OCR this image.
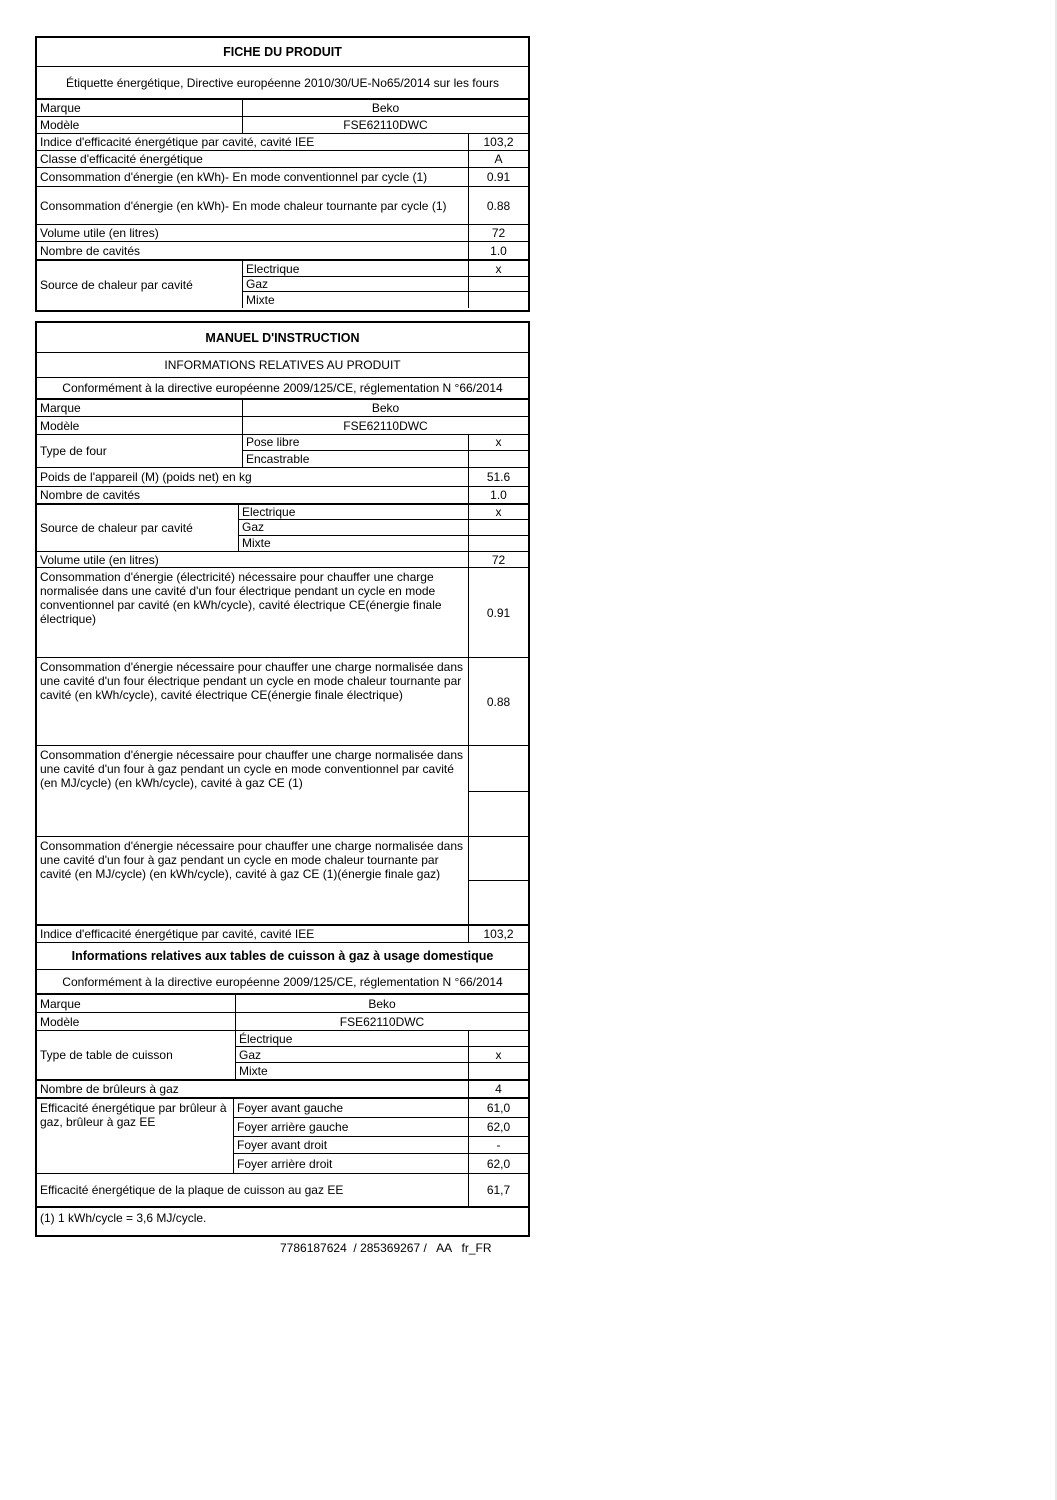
FICHE DU PRODUIT
Étiquette énergétique, Directive européenne 2010/30/UE-No65/2014 sur les fours
Marque	Beko
Modèle	FSE62110DWC
Indice d'efficacité énergétique par cavité, cavité IEE	103,2
Classe d'efficacité énergétique	A
Consommation d'énergie (en kWh)- En mode conventionnel par cycle (1)	0.91
Consommation d'énergie (en kWh)- En mode chaleur tournante par cycle (1)	0.88
Volume utile (en litres)	72
Nombre de cavités	1.0
Source de chaleur par cavité
Electrique	x
Gaz
Mixte
MANUEL D'INSTRUCTION
INFORMATIONS RELATIVES AU PRODUIT
Conformément à la directive européenne 2009/125/CE, réglementation N °66/2014
Marque	Beko
Modèle	FSE62110DWC
Type de four
Pose libre	x
Encastrable
Poids de l'appareil (M) (poids net) en kg	51.6
Nombre de cavités	1.0
Source de chaleur par cavité
Electrique	x
Gaz
Mixte
Volume utile (en litres)	72
Consommation d'énergie (électricité) nécessaire pour chauffer une charge normalisée dans une cavité d'un four électrique pendant un cycle en mode conventionnel par cavité (en kWh/cycle), cavité électrique CE(énergie finale électrique)	0.91
Consommation d'énergie nécessaire pour chauffer une charge normalisée dans une cavité d'un four électrique pendant un cycle en mode chaleur tournante par cavité (en kWh/cycle), cavité électrique CE(énergie finale électrique)	0.88
Consommation d'énergie nécessaire pour chauffer une charge normalisée dans une cavité d'un four à gaz pendant un cycle en mode conventionnel par cavité (en MJ/cycle) (en kWh/cycle), cavité à gaz CE (1)
Consommation d'énergie nécessaire pour chauffer une charge normalisée dans une cavité d'un four à gaz pendant un cycle en mode chaleur tournante par cavité (en MJ/cycle) (en kWh/cycle), cavité à gaz CE (1)(énergie finale gaz)
Indice d'efficacité énergétique par cavité, cavité IEE	103,2
Informations relatives aux tables de cuisson à gaz à usage domestique
Conformément à la directive européenne 2009/125/CE, réglementation N °66/2014
Marque	Beko
Modèle	FSE62110DWC
Type de table de cuisson
Électrique
Gaz	x
Mixte
Nombre de brûleurs à gaz	4
Efficacité énergétique par brûleur à gaz, brûleur à gaz EE
Foyer avant gauche	61,0
Foyer arrière gauche	62,0
Foyer avant droit	-
Foyer arrière droit	62,0
Efficacité énergétique de la plaque de cuisson au gaz EE	61,7
(1) 1 kWh/cycle = 3,6 MJ/cycle.
7786187624  / 285369267 /   AA   fr_FR
